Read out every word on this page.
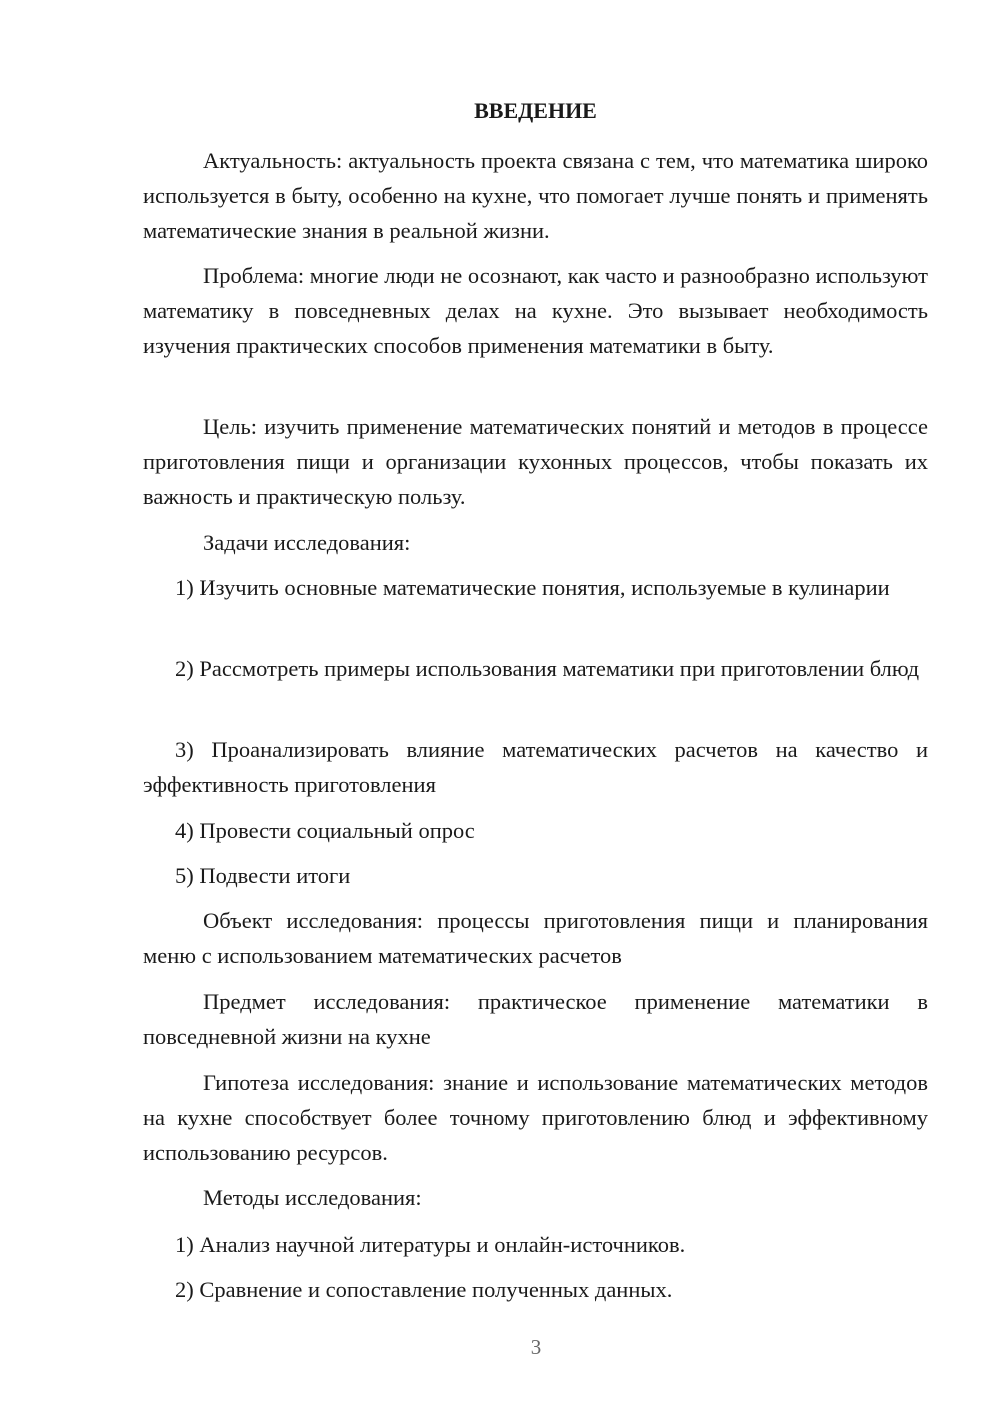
ВВЕДЕНИЕ

Актуальность: актуальность проекта связана с тем, что математика широко используется в быту, особенно на кухне, что помогает лучше понять и применять математические знания в реальной жизни.

Проблема: многие люди не осознают, как часто и разнообразно используют математику в повседневных делах на кухне. Это вызывает необходимость изучения практических способов применения математики в быту.

Цель: изучить применение математических понятий и методов в процессе приготовления пищи и организации кухонных процессов, чтобы показать их важность и практическую пользу.

Задачи исследования:

1) Изучить основные математические понятия, используемые в кулинарии

2) Рассмотреть примеры использования математики при приготовлении блюд

3) Проанализировать влияние математических расчетов на качество и эффективность приготовления

4) Провести социальный опрос

5) Подвести итоги

Объект исследования: процессы приготовления пищи и планирования меню с использованием математических расчетов

Предмет исследования: практическое применение математики в повседневной жизни на кухне

Гипотеза исследования: знание и использование математических методов на кухне способствует более точному приготовлению блюд и эффективному использованию ресурсов.

Методы исследования:

1) Анализ научной литературы и онлайн-источников.

2) Сравнение и сопоставление полученных данных.

3
